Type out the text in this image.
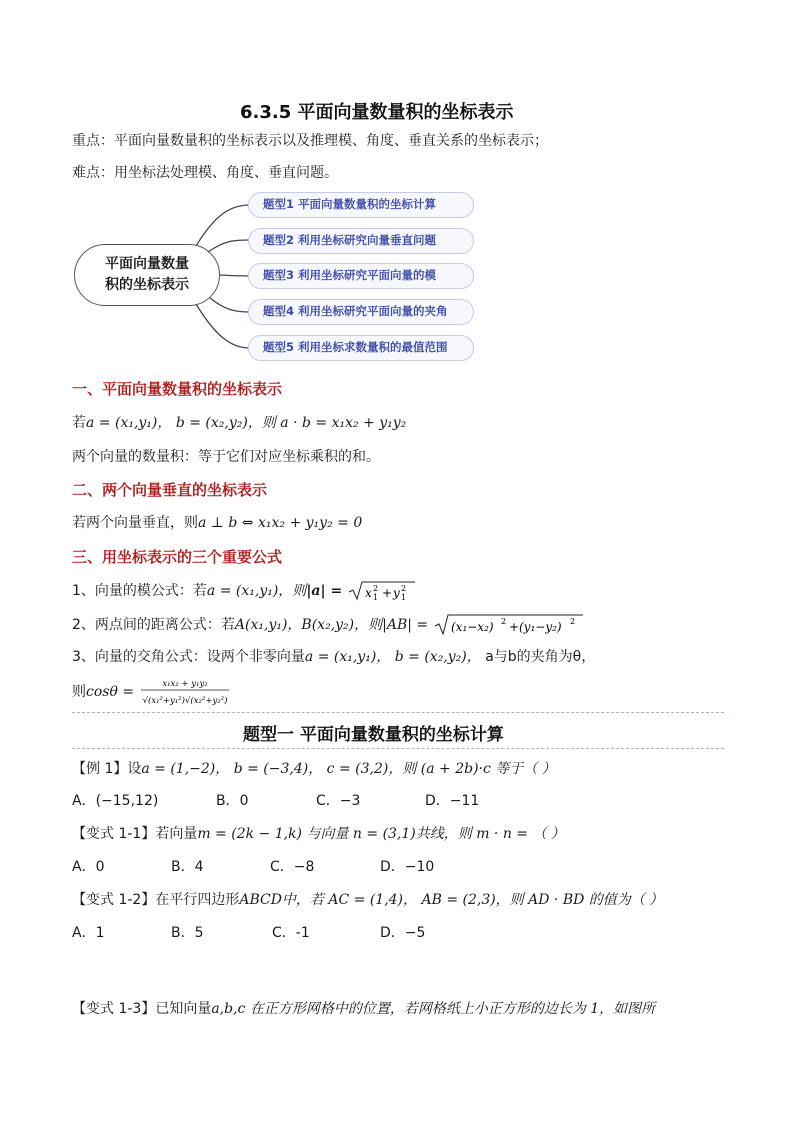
6.3.5 平面向量数量积的坐标表示
重点：平面向量数量积的坐标表示以及推理模、角度、垂直关系的坐标表示；
难点：用坐标法处理模、角度、垂直问题。
平面向量数量
积的坐标表示
题型1 平面向量数量积的坐标计算
题型2 利用坐标研究向量垂直问题
题型3 利用坐标研究平面向量的模
题型4 利用坐标研究平面向量的夹角
题型5 利用坐标求数量积的最值范围
一、平面向量数量积的坐标表示
若a = (x₁,y₁)， b = (x₂,y₂)，则 a · b = x₁x₂ + y₁y₂
两个向量的数量积：等于它们对应坐标乘积的和。
二、两个向量垂直的坐标表示
若两个向量垂直，则a ⊥ b ⇔ x₁x₂ + y₁y₂ = 0
三、用坐标表示的三个重要公式
1、向量的模公式：若a = (x₁,y₁)，则|a| = x 2
1 + y 2
1
2、两点间的距离公式：若A(x₁,y₁)，B(x₂,y₂)，则|AB| = (x₁−x₂) 2 + (y₁−y₂) 2
3、向量的交角公式：设两个非零向量a = (x₁,y₁)， b = (x₂,y₂)， a与b的夹角为θ，
则cosθ =	x₁x₂ + y₁y₂
√(x₁²+y₁²)√(x₂²+y₂²)
题型一 平面向量数量积的坐标计算
【例 1】设a = (1,−2)， b = (−3,4)， c = (3,2)，则 (a + 2b)·c 等于（ ）
A．(−15,12)	B．0	C．−3	D．−11
【变式 1-1】若向量m = (2k − 1,k) 与向量 n = (3,1)共线，则 m · n = （ ）
A．0	B．4	C．−8	D．−10
【变式 1-2】在平行四边形ABCD中，若 AC = (1,4)， AB = (2,3)，则 AD · BD 的值为（ ）
A．1	B．5	C．-1	D．−5
【变式 1-3】已知向量a,b,c 在正方形网格中的位置，若网格纸上小正方形的边长为 1，如图所
